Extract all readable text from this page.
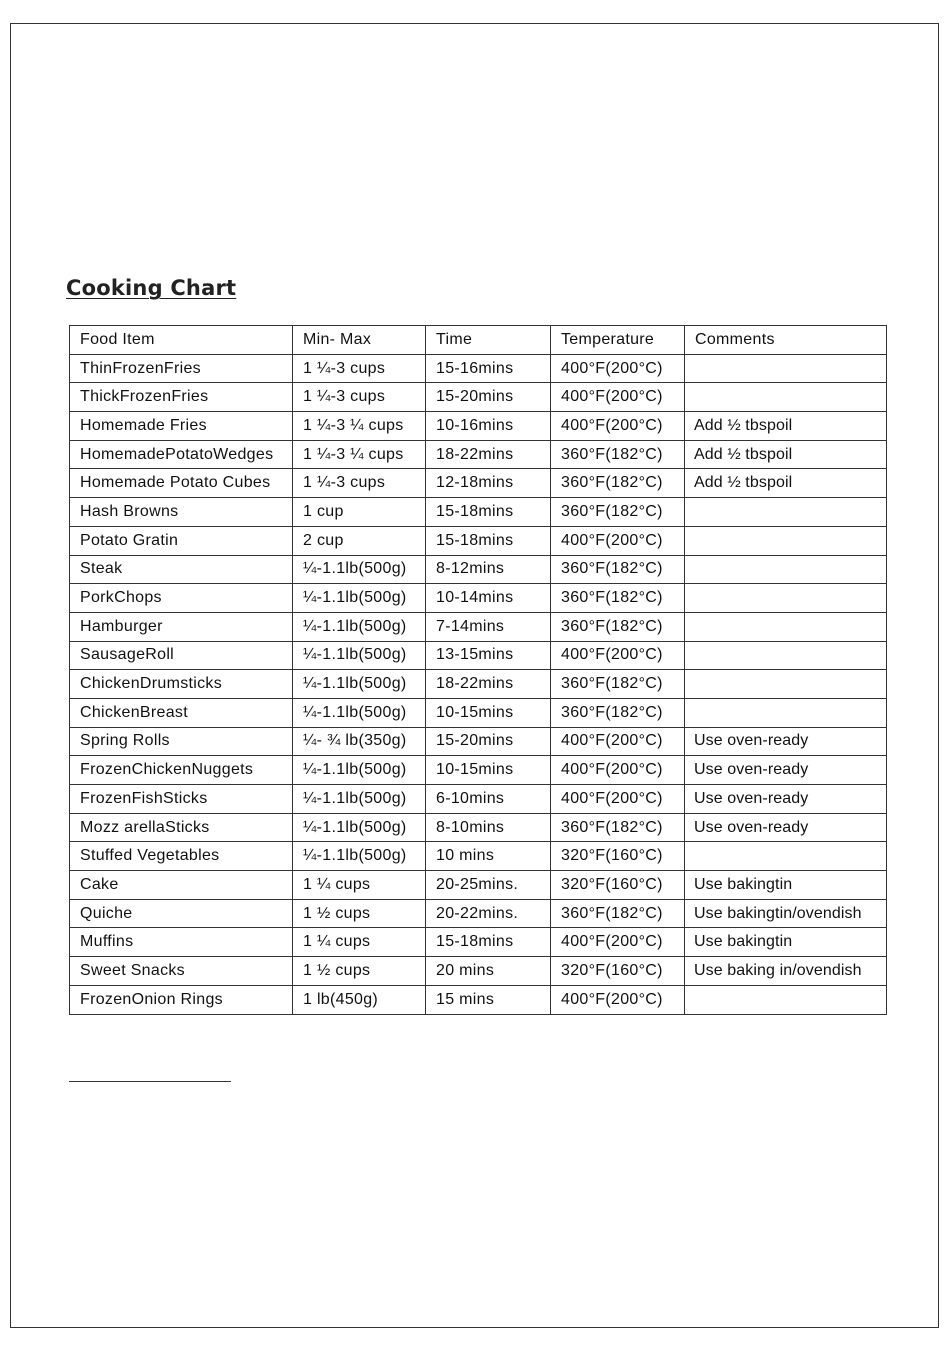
Cooking Chart
Food Item	Min- Max	Time	Temperature	Comments
ThinFrozenFries	1 ¼-3 cups	15-16mins	400°F(200°C)	
ThickFrozenFries	1 ¼-3 cups	15-20mins	400°F(200°C)	
Homemade Fries	1 ¼-3 ¼ cups	10-16mins	400°F(200°C)	Add ½ tbspoil
HomemadePotatoWedges	1 ¼-3 ¼ cups	18-22mins	360°F(182°C)	Add ½ tbspoil
Homemade Potato Cubes	1 ¼-3 cups	12-18mins	360°F(182°C)	Add ½ tbspoil
Hash Browns	1 cup	15-18mins	360°F(182°C)	
Potato Gratin	2 cup	15-18mins	400°F(200°C)	
Steak	¼-1.1lb(500g)	8-12mins	360°F(182°C)	
PorkChops	¼-1.1lb(500g)	10-14mins	360°F(182°C)	
Hamburger	¼-1.1lb(500g)	7-14mins	360°F(182°C)	
SausageRoll	¼-1.1lb(500g)	13-15mins	400°F(200°C)	
ChickenDrumsticks	¼-1.1lb(500g)	18-22mins	360°F(182°C)	
ChickenBreast	¼-1.1lb(500g)	10-15mins	360°F(182°C)	
Spring Rolls	¼- ¾ lb(350g)	15-20mins	400°F(200°C)	Use oven-ready
FrozenChickenNuggets	¼-1.1lb(500g)	10-15mins	400°F(200°C)	Use oven-ready
FrozenFishSticks	¼-1.1lb(500g)	6-10mins	400°F(200°C)	Use oven-ready
Mozz arellaSticks	¼-1.1lb(500g)	8-10mins	360°F(182°C)	Use oven-ready
Stuffed Vegetables	¼-1.1lb(500g)	10 mins	320°F(160°C)	
Cake	1 ¼ cups	20-25mins.	320°F(160°C)	Use bakingtin
Quiche	1 ½ cups	20-22mins.	360°F(182°C)	Use bakingtin/ovendish
Muffins	1 ¼ cups	15-18mins	400°F(200°C)	Use bakingtin
Sweet Snacks	1 ½ cups	20 mins	320°F(160°C)	Use baking in/ovendish
FrozenOnion Rings	1 lb(450g)	15 mins	400°F(200°C)	
